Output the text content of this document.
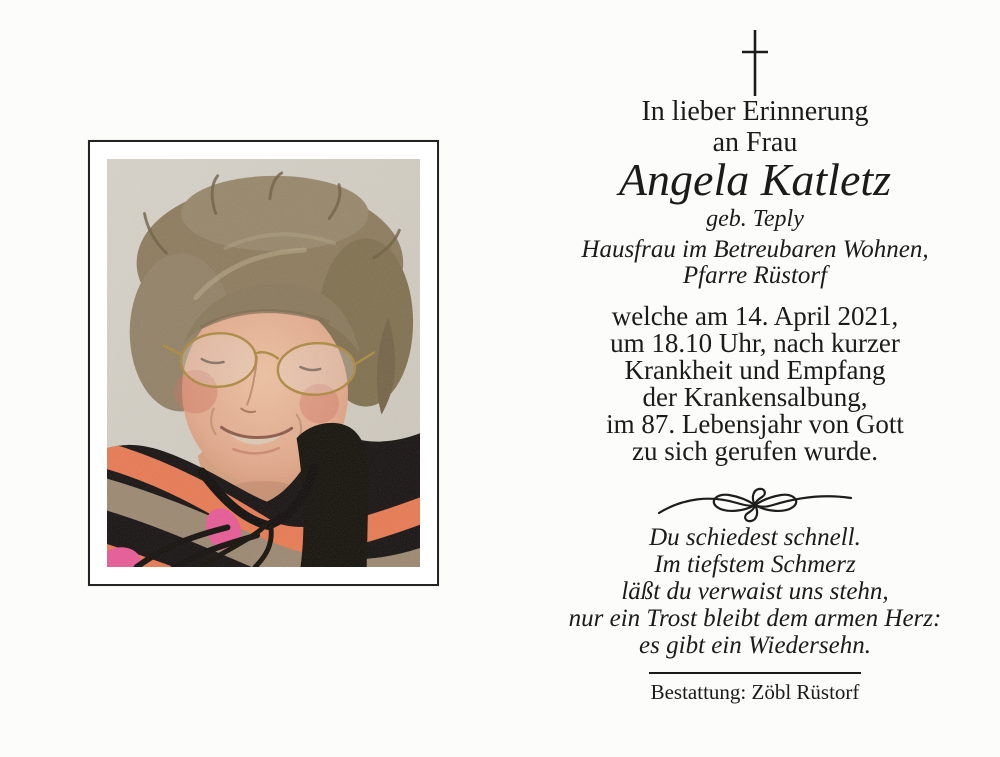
In lieber Erinnerung
an Frau
Angela Katletz
geb. Teply
Hausfrau im Betreubaren Wohnen,
Pfarre Rüstorf
welche am 14. April 2021,
um 18.10 Uhr, nach kurzer
Krankheit und Empfang
der Krankensalbung,
im 87. Lebensjahr von Gott
zu sich gerufen wurde.
Du schiedest schnell.
Im tiefstem Schmerz
läßt du verwaist uns stehn,
nur ein Trost bleibt dem armen Herz:
es gibt ein Wiedersehn.
Bestattung: Zöbl Rüstorf
